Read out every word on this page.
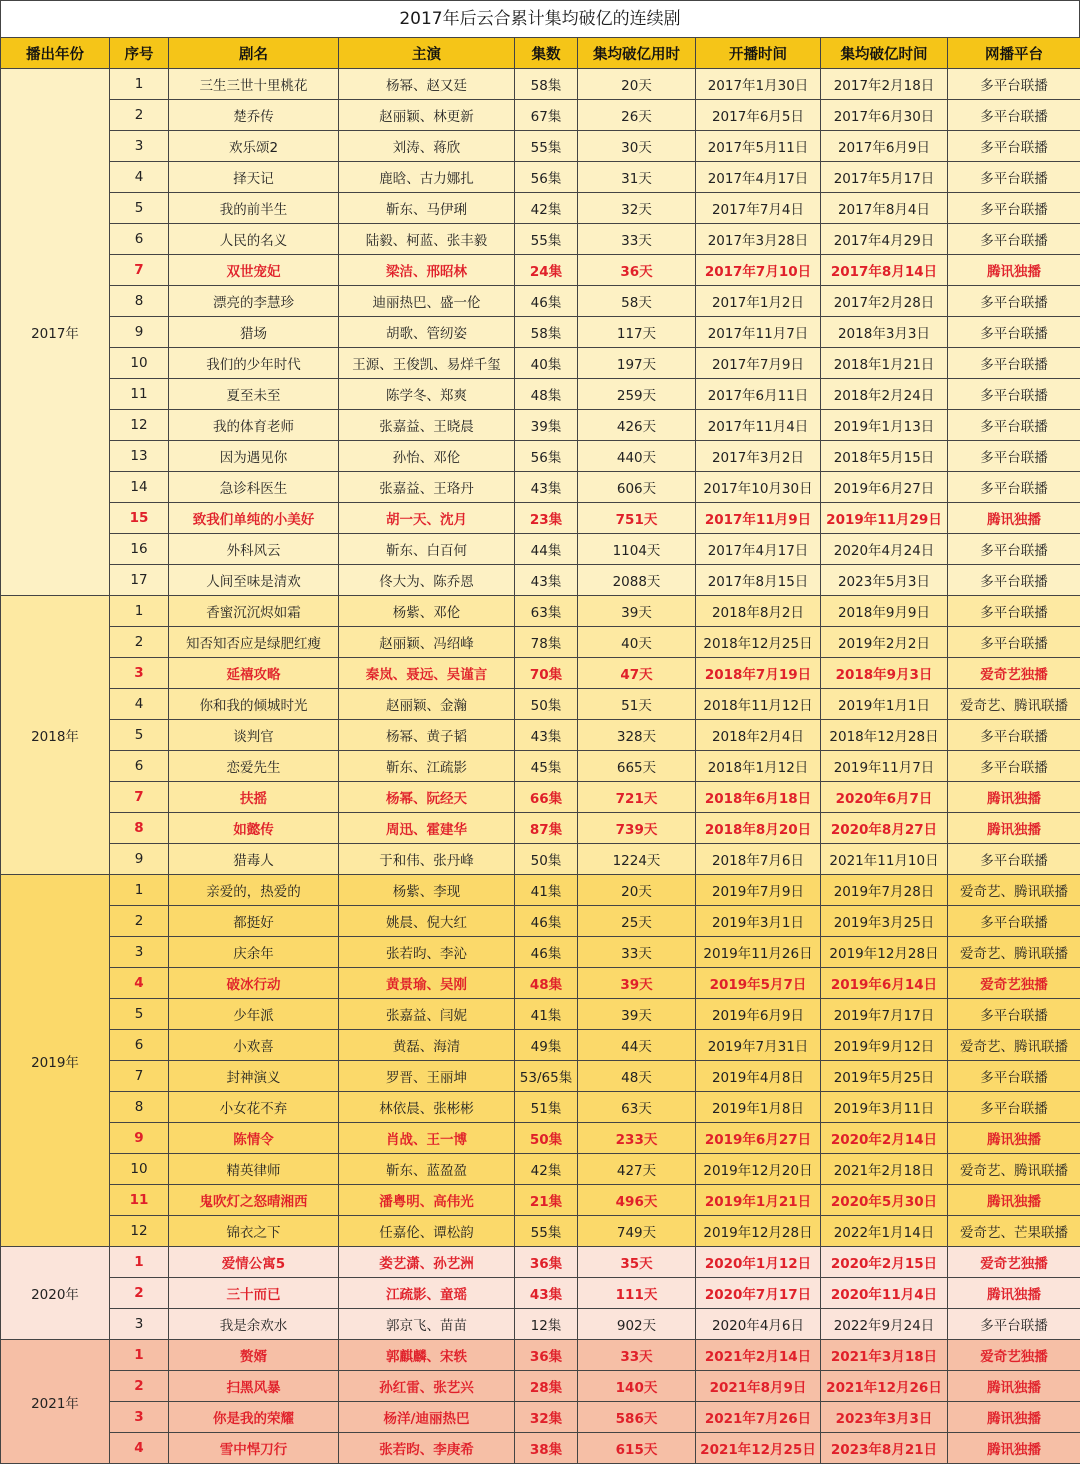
2017年后云合累计集均破亿的连续剧
播出年份	序号	剧名	主演	集数	集均破亿用时	开播时间	集均破亿时间	网播平台
2017年	1	三生三世十里桃花	杨幂、赵又廷	58集	20天	2017年1月30日	2017年2月18日	多平台联播
	2	楚乔传	赵丽颖、林更新	67集	26天	2017年6月5日	2017年6月30日	多平台联播
	3	欢乐颂2	刘涛、蒋欣	55集	30天	2017年5月11日	2017年6月9日	多平台联播
	4	择天记	鹿晗、古力娜扎	56集	31天	2017年4月17日	2017年5月17日	多平台联播
	5	我的前半生	靳东、马伊琍	42集	32天	2017年7月4日	2017年8月4日	多平台联播
	6	人民的名义	陆毅、柯蓝、张丰毅	55集	33天	2017年3月28日	2017年4月29日	多平台联播
	7	双世宠妃	梁洁、邢昭林	24集	36天	2017年7月10日	2017年8月14日	腾讯独播
	8	漂亮的李慧珍	迪丽热巴、盛一伦	46集	58天	2017年1月2日	2017年2月28日	多平台联播
	9	猎场	胡歌、管纫姿	58集	117天	2017年11月7日	2018年3月3日	多平台联播
	10	我们的少年时代	王源、王俊凯、易烊千玺	40集	197天	2017年7月9日	2018年1月21日	多平台联播
	11	夏至未至	陈学冬、郑爽	48集	259天	2017年6月11日	2018年2月24日	多平台联播
	12	我的体育老师	张嘉益、王晓晨	39集	426天	2017年11月4日	2019年1月13日	多平台联播
	13	因为遇见你	孙怡、邓伦	56集	440天	2017年3月2日	2018年5月15日	多平台联播
	14	急诊科医生	张嘉益、王珞丹	43集	606天	2017年10月30日	2019年6月27日	多平台联播
	15	致我们单纯的小美好	胡一天、沈月	23集	751天	2017年11月9日	2019年11月29日	腾讯独播
	16	外科风云	靳东、白百何	44集	1104天	2017年4月17日	2020年4月24日	多平台联播
	17	人间至味是清欢	佟大为、陈乔恩	43集	2088天	2017年8月15日	2023年5月3日	多平台联播
2018年	1	香蜜沉沉烬如霜	杨紫、邓伦	63集	39天	2018年8月2日	2018年9月9日	多平台联播
	2	知否知否应是绿肥红瘦	赵丽颖、冯绍峰	78集	40天	2018年12月25日	2019年2月2日	多平台联播
	3	延禧攻略	秦岚、聂远、吴谨言	70集	47天	2018年7月19日	2018年9月3日	爱奇艺独播
	4	你和我的倾城时光	赵丽颖、金瀚	50集	51天	2018年11月12日	2019年1月1日	爱奇艺、腾讯联播
	5	谈判官	杨幂、黄子韬	43集	328天	2018年2月4日	2018年12月28日	多平台联播
	6	恋爱先生	靳东、江疏影	45集	665天	2018年1月12日	2019年11月7日	多平台联播
	7	扶摇	杨幂、阮经天	66集	721天	2018年6月18日	2020年6月7日	腾讯独播
	8	如懿传	周迅、霍建华	87集	739天	2018年8月20日	2020年8月27日	腾讯独播
	9	猎毒人	于和伟、张丹峰	50集	1224天	2018年7月6日	2021年11月10日	多平台联播
2019年	1	亲爱的，热爱的	杨紫、李现	41集	20天	2019年7月9日	2019年7月28日	爱奇艺、腾讯联播
	2	都挺好	姚晨、倪大红	46集	25天	2019年3月1日	2019年3月25日	多平台联播
	3	庆余年	张若昀、李沁	46集	33天	2019年11月26日	2019年12月28日	爱奇艺、腾讯联播
	4	破冰行动	黄景瑜、吴刚	48集	39天	2019年5月7日	2019年6月14日	爱奇艺独播
	5	少年派	张嘉益、闫妮	41集	39天	2019年6月9日	2019年7月17日	多平台联播
	6	小欢喜	黄磊、海清	49集	44天	2019年7月31日	2019年9月12日	爱奇艺、腾讯联播
	7	封神演义	罗晋、王丽坤	53/65集	48天	2019年4月8日	2019年5月25日	多平台联播
	8	小女花不弃	林依晨、张彬彬	51集	63天	2019年1月8日	2019年3月11日	多平台联播
	9	陈情令	肖战、王一博	50集	233天	2019年6月27日	2020年2月14日	腾讯独播
	10	精英律师	靳东、蓝盈盈	42集	427天	2019年12月20日	2021年2月18日	爱奇艺、腾讯联播
	11	鬼吹灯之怒晴湘西	潘粤明、高伟光	21集	496天	2019年1月21日	2020年5月30日	腾讯独播
	12	锦衣之下	任嘉伦、谭松韵	55集	749天	2019年12月28日	2022年1月14日	爱奇艺、芒果联播
2020年	1	爱情公寓5	娄艺潇、孙艺洲	36集	35天	2020年1月12日	2020年2月15日	爱奇艺独播
	2	三十而已	江疏影、童瑶	43集	111天	2020年7月17日	2020年11月4日	腾讯独播
	3	我是余欢水	郭京飞、苗苗	12集	902天	2020年4月6日	2022年9月24日	多平台联播
2021年	1	赘婿	郭麒麟、宋轶	36集	33天	2021年2月14日	2021年3月18日	爱奇艺独播
	2	扫黑风暴	孙红雷、张艺兴	28集	140天	2021年8月9日	2021年12月26日	腾讯独播
	3	你是我的荣耀	杨洋/迪丽热巴	32集	586天	2021年7月26日	2023年3月3日	腾讯独播
	4	雪中悍刀行	张若昀、李庚希	38集	615天	2021年12月25日	2023年8月21日	腾讯独播
